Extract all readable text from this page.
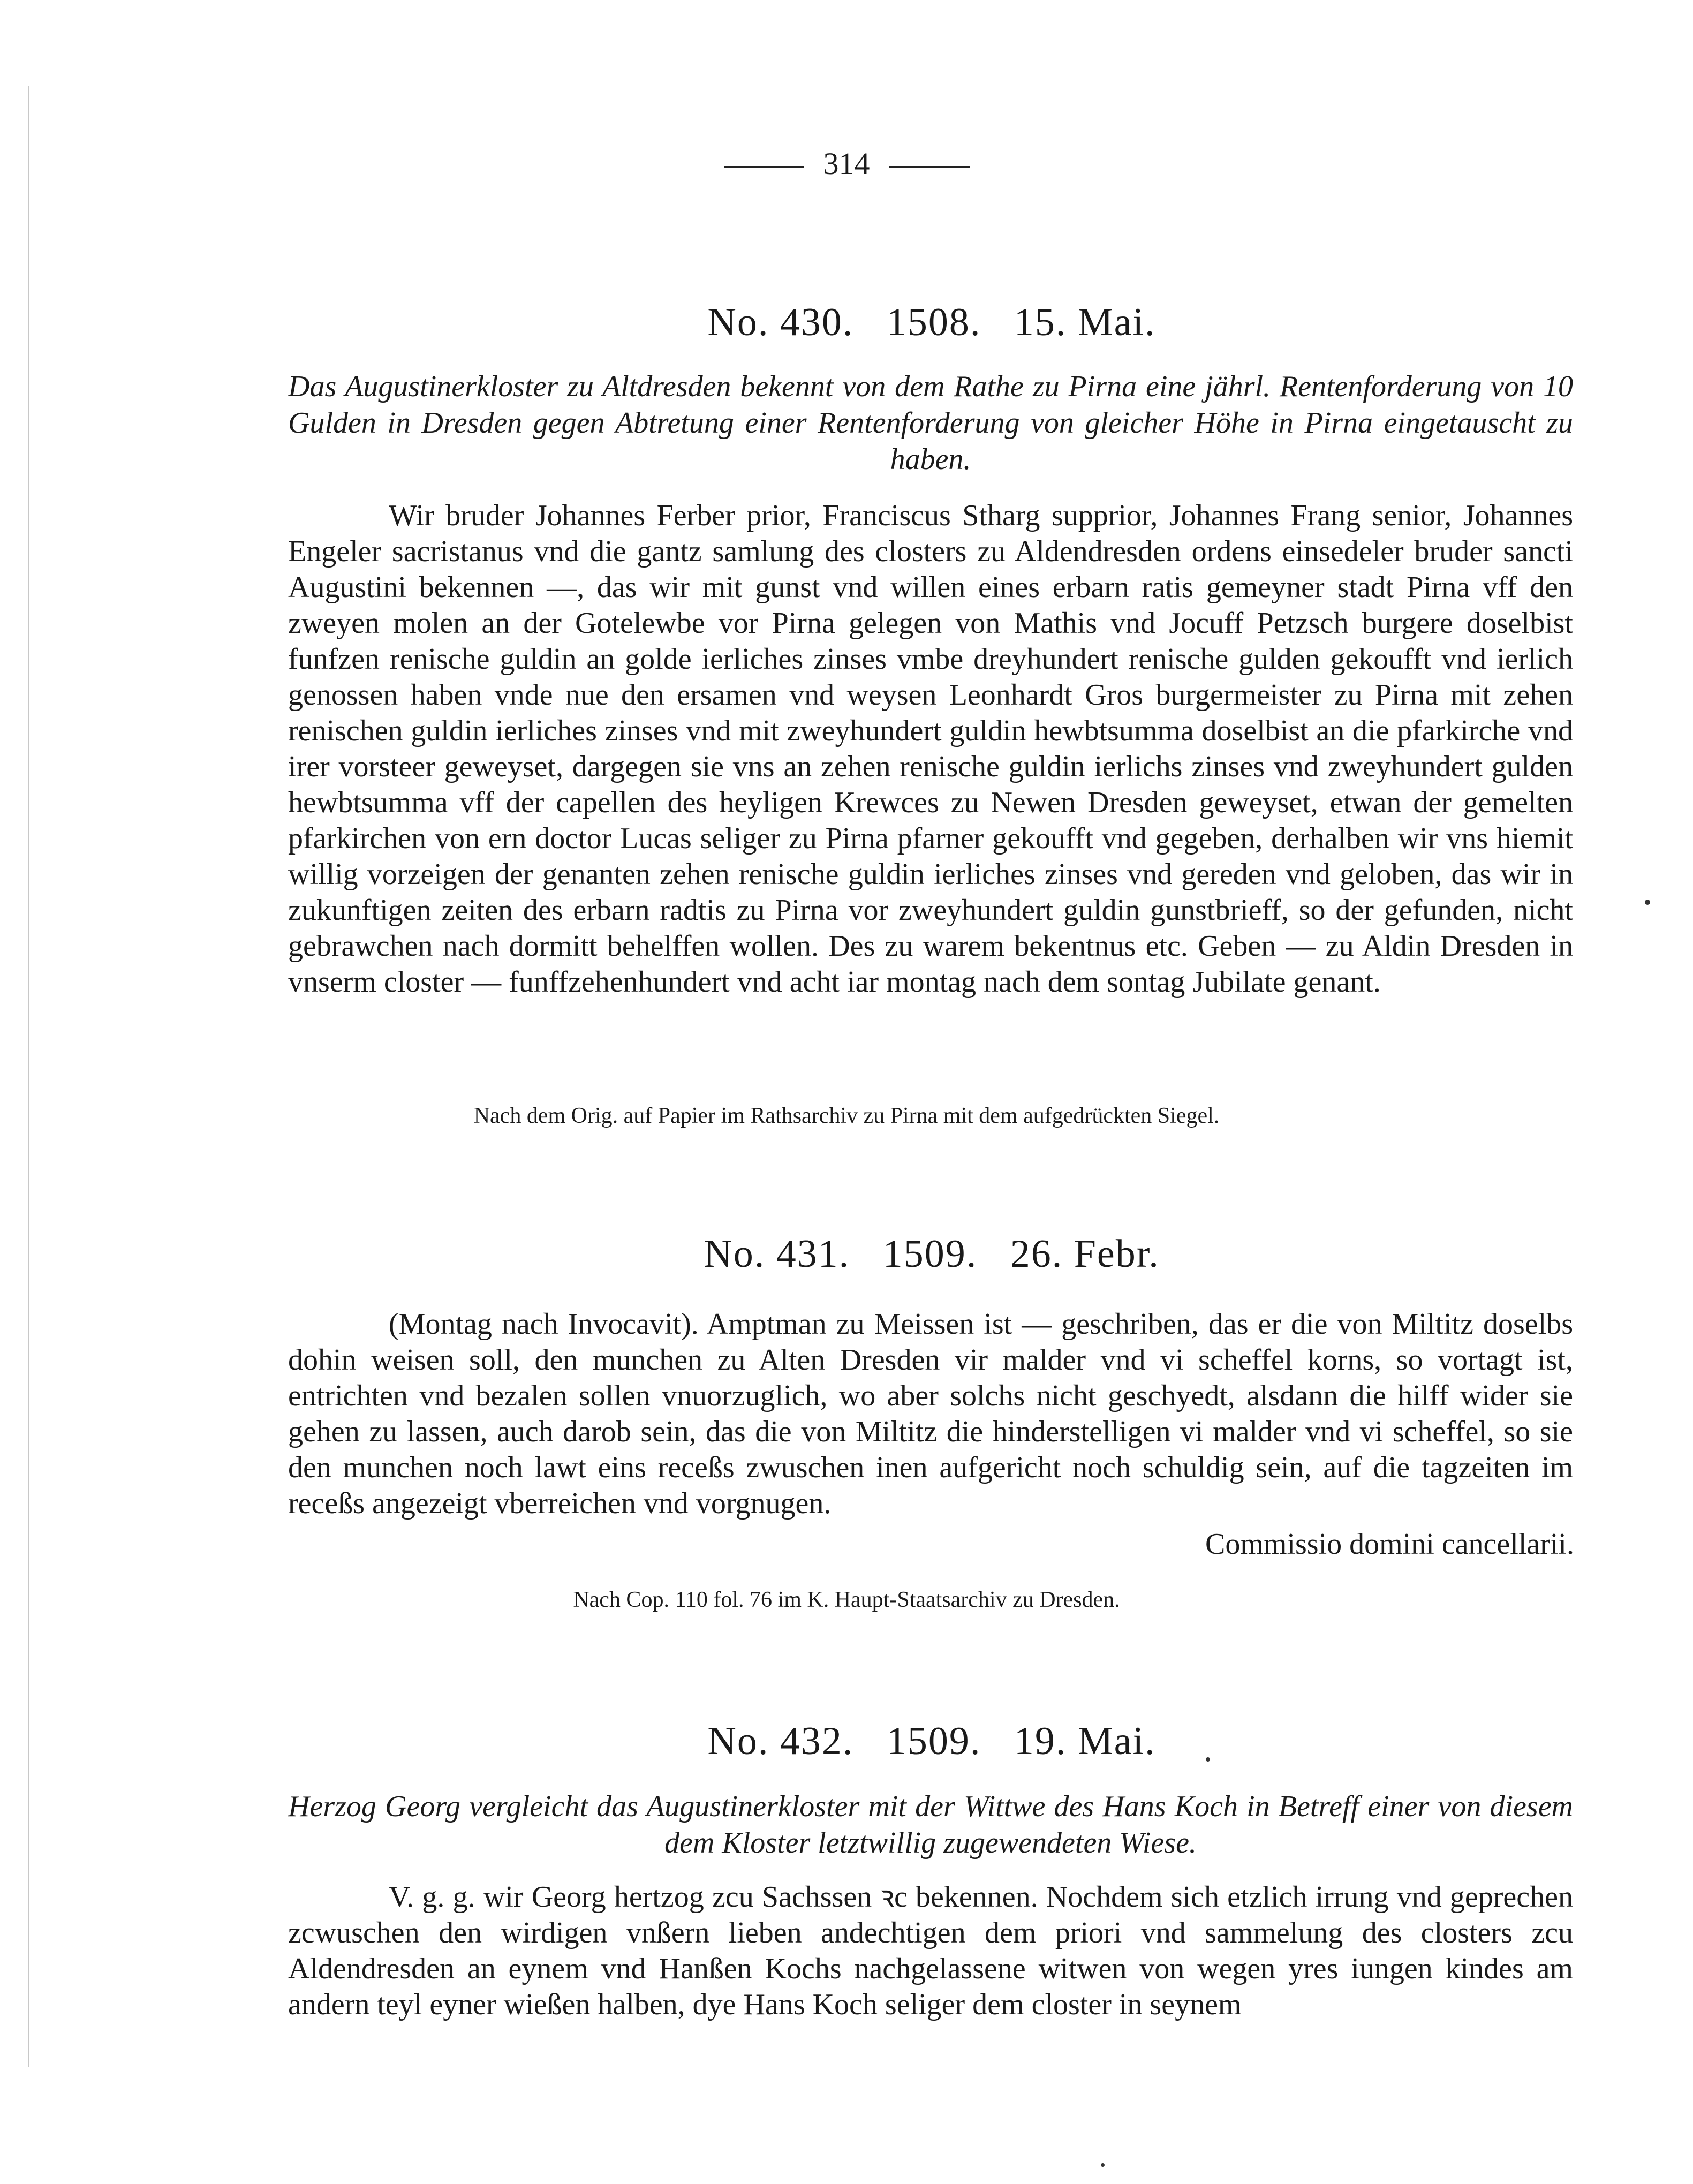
314
No. 430.   1508.   15. Mai.
Das Augustinerkloster zu Altdresden bekennt von dem Rathe zu Pirna eine jährl. Rentenforderung von 10 Gulden in Dresden gegen Abtretung einer Rentenforderung von gleicher Höhe in Pirna eingetauscht zu haben.

Wir bruder Johannes Ferber prior, Franciscus Stharg supprior, Johannes Frang senior, Johannes Engeler sacristanus vnd die gantz samlung des closters zu Aldendresden ordens einsedeler bruder sancti Augustini bekennen —, das wir mit gunst vnd willen eines erbarn ratis gemeyner stadt Pirna vff den zweyen molen an der Gotelewbe vor Pirna gelegen von Mathis vnd Jocuff Petzsch burgere doselbist funfzen renische guldin an golde ierliches zinses vmbe dreyhundert renische gulden gekoufft vnd ierlich genossen haben vnde nue den ersamen vnd weysen Leonhardt Gros burgermeister zu Pirna mit zehen renischen guldin ierliches zinses vnd mit zweyhundert guldin hewbtsumma doselbist an die pfarkirche vnd irer vorsteer geweyset, dargegen sie vns an zehen renische guldin ierlichs zinses vnd zweyhundert gulden hewbtsumma vff der capellen des heyligen Krewces zu Newen Dresden geweyset, etwan der gemelten pfarkirchen von ern doctor Lucas seliger zu Pirna pfarner gekoufft vnd gegeben, derhalben wir vns hiemit willig vorzeigen der genanten zehen renische guldin ierliches zinses vnd gereden vnd geloben, das wir in zukunftigen zeiten des erbarn radtis zu Pirna vor zweyhundert guldin gunstbrieff, so der gefunden, nicht gebrawchen nach dormitt behelffen wollen. Des zu warem bekentnus etc. Geben — zu Aldin Dresden in vnserm closter — funffzehenhundert vnd acht iar montag nach dem sontag Jubilate genant.

Nach dem Orig. auf Papier im Rathsarchiv zu Pirna mit dem aufgedrückten Siegel.
No. 431.   1509.   26. Febr.

(Montag nach Invocavit). Amptman zu Meissen ist — geschriben, das er die von Miltitz doselbs dohin weisen soll, den munchen zu Alten Dresden vir malder vnd vi scheffel korns, so vortagt ist, entrichten vnd bezalen sollen vnuorzuglich, wo aber solchs nicht geschyedt, alsdann die hilff wider sie gehen zu lassen, auch darob sein, das die von Miltitz die hinderstelligen vi malder vnd vi scheffel, so sie den munchen noch lawt eins receßs zwuschen inen aufgericht noch schuldig sein, auf die tagzeiten im receßs angezeigt vberreichen vnd vorgnugen.

Commissio domini cancellarii.
Nach Cop. 110 fol. 76 im K. Haupt-Staatsarchiv zu Dresden.
No. 432.   1509.   19. Mai.
Herzog Georg vergleicht das Augustinerkloster mit der Wittwe des Hans Koch in Betreff einer von diesem dem Kloster letztwillig zugewendeten Wiese.

V. g. g. wir Georg hertzog zcu Sachssen ꝛc bekennen. Nochdem sich etzlich irrung vnd geprechen zcwuschen den wirdigen vnßern lieben andechtigen dem priori vnd sammelung des closters zcu Aldendresden an eynem vnd Hanßen Kochs nachgelassene witwen von wegen yres iungen kindes am andern teyl eyner wießen halben, dye Hans Koch seliger dem closter in seynem
